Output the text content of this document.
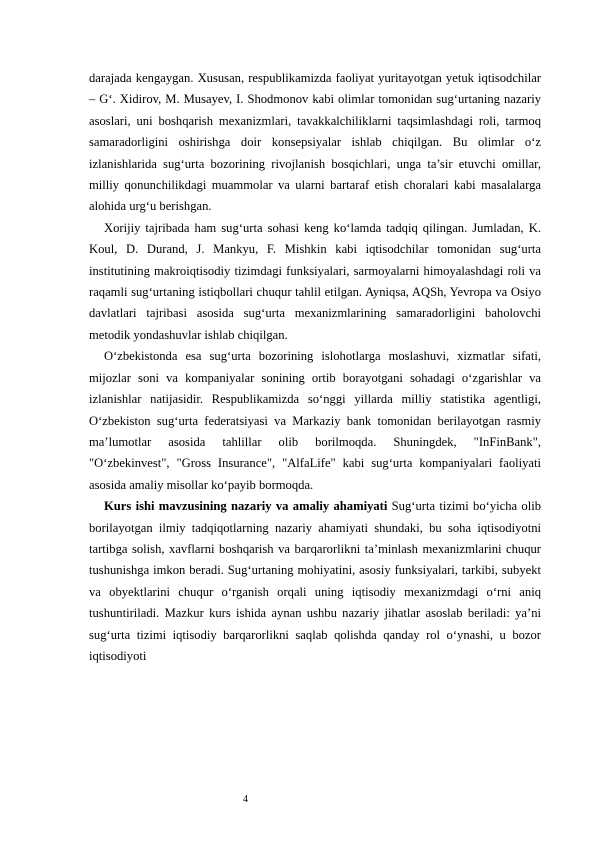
darajada kengaygan. Xususan, respublikamizda faoliyat yuritayotgan yetuk iqtisodchilar – G‘. Xidirov, M. Musayev, I. Shodmonov kabi olimlar tomonidan sug‘urtaning nazariy asoslari, uni boshqarish mexanizmlari, tavakkalchiliklarni taqsimlashdagi roli, tarmoq samaradorligini oshirishga doir konsepsiyalar ishlab chiqilgan. Bu olimlar o‘z izlanishlarida sug‘urta bozorining rivojlanish bosqichlari, unga ta’sir etuvchi omillar, milliy qonunchilikdagi muammolar va ularni bartaraf etish choralari kabi masalalarga alohida urg‘u berishgan.

Xorijiy tajribada ham sug‘urta sohasi keng ko‘lamda tadqiq qilingan. Jumladan, K. Koul, D. Durand, J. Mankyu, F. Mishkin kabi iqtisodchilar tomonidan sug‘urta institutining makroiqtisodiy tizimdagi funksiyalari, sarmoyalarni himoyalashdagi roli va raqamli sug‘urtaning istiqbollari chuqur tahlil etilgan. Ayniqsa, AQSh, Yevropa va Osiyo davlatlari tajribasi asosida sug‘urta mexanizmlarining samaradorligini baholovchi metodik yondashuvlar ishlab chiqilgan.

O‘zbekistonda esa sug‘urta bozorining islohotlarga moslashuvi, xizmatlar sifati, mijozlar soni va kompaniyalar sonining ortib borayotgani sohadagi o‘zgarishlar va izlanishlar natijasidir. Respublikamizda so‘nggi yillarda milliy statistika agentligi, O‘zbekiston sug‘urta federatsiyasi va Markaziy bank tomonidan berilayotgan rasmiy ma’lumotlar asosida tahlillar olib borilmoqda. Shuningdek, "InFinBank", "O‘zbekinvest", "Gross Insurance", "AlfaLife" kabi sug‘urta kompaniyalari faoliyati asosida amaliy misollar ko‘payib bormoqda.

Kurs ishi mavzusining nazariy va amaliy ahamiyati Sug‘urta tizimi bo‘yicha olib borilayotgan ilmiy tadqiqotlarning nazariy ahamiyati shundaki, bu soha iqtisodiyotni tartibga solish, xavflarni boshqarish va barqarorlikni ta’minlash mexanizmlarini chuqur tushunishga imkon beradi. Sug‘urtaning mohiyatini, asosiy funksiyalari, tarkibi, subyekt va obyektlarini chuqur o‘rganish orqali uning iqtisodiy mexanizmdagi o‘rni aniq tushuntiriladi. Mazkur kurs ishida aynan ushbu nazariy jihatlar asoslab beriladi: ya’ni sug‘urta tizimi iqtisodiy barqarorlikni saqlab qolishda qanday rol o‘ynashi, u bozor iqtisodiyoti

4
